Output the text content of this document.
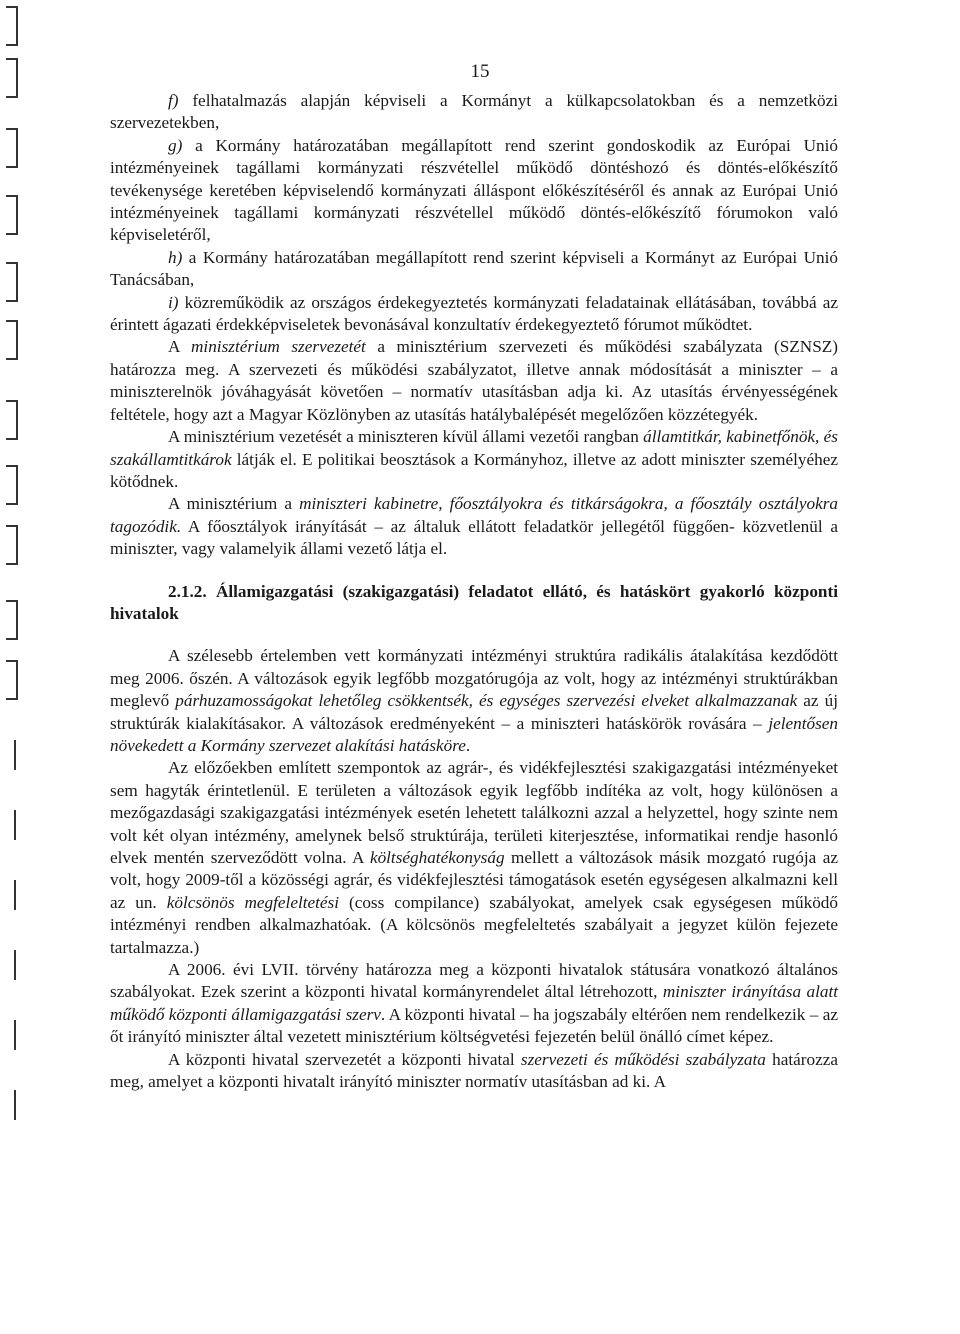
15

f) felhatalmazás alapján képviseli a Kormányt a külkapcsolatokban és a nemzetközi szervezetekben,

g) a Kormány határozatában megállapított rend szerint gondoskodik az Európai Unió intézményeinek tagállami kormányzati részvétellel működő döntéshozó és döntés-előkészítő tevékenysége keretében képviselendő kormányzati álláspont előkészítéséről és annak az Európai Unió intézményeinek tagállami kormányzati részvétellel működő döntés-előkészítő fórumokon való képviseletéről,

h) a Kormány határozatában megállapított rend szerint képviseli a Kormányt az Európai Unió Tanácsában,

i) közreműködik az országos érdekegyeztetés kormányzati feladatainak ellátásában, továbbá az érintett ágazati érdekképviseletek bevonásával konzultatív érdekegyeztető fórumot működtet.

A minisztérium szervezetét a minisztérium szervezeti és működési szabályzata (SZNSZ) határozza meg. A szervezeti és működési szabályzatot, illetve annak módosítását a miniszter – a miniszterelnök jóváhagyását követően – normatív utasításban adja ki. Az utasítás érvényességének feltétele, hogy azt a Magyar Közlönyben az utasítás hatálybalépését megelőzően közzétegyék.

A minisztérium vezetését a miniszteren kívül állami vezetői rangban államtitkár, kabinetfőnök, és szakállamtitkárok látják el. E politikai beosztások a Kormányhoz, illetve az adott miniszter személyéhez kötődnek.

A minisztérium a miniszteri kabinetre, főosztályokra és titkárságokra, a főosztály osztályokra tagozódik. A főosztályok irányítását – az általuk ellátott feladatkör jellegétől függően- közvetlenül a miniszter, vagy valamelyik állami vezető látja el.

2.1.2. Államigazgatási (szakigazgatási) feladatot ellátó, és hatáskört gyakorló központi hivatalok

A szélesebb értelemben vett kormányzati intézményi struktúra radikális átalakítása kezdődött meg 2006. őszén. A változások egyik legfőbb mozgatórugója az volt, hogy az intézményi struktúrákban meglevő párhuzamosságokat lehetőleg csökkentsék, és egységes szervezési elveket alkalmazzanak az új struktúrák kialakításakor. A változások eredményeként – a miniszteri hatáskörök rovására – jelentősen növekedett a Kormány szervezet alakítási hatásköre.

Az előzőekben említett szempontok az agrár-, és vidékfejlesztési szakigazgatási intézményeket sem hagyták érintetlenül. E területen a változások egyik legfőbb indítéka az volt, hogy különösen a mezőgazdasági szakigazgatási intézmények esetén lehetett találkozni azzal a helyzettel, hogy szinte nem volt két olyan intézmény, amelynek belső struktúrája, területi kiterjesztése, informatikai rendje hasonló elvek mentén szerveződött volna. A költséghatékonyság mellett a változások másik mozgató rugója az volt, hogy 2009-től a közösségi agrár, és vidékfejlesztési támogatások esetén egységesen alkalmazni kell az un. kölcsönös megfeleltetési (coss compilance) szabályokat, amelyek csak egységesen működő intézményi rendben alkalmazhatóak. (A kölcsönös megfeleltetés szabályait a jegyzet külön fejezete tartalmazza.)

A 2006. évi LVII. törvény határozza meg a központi hivatalok státusára vonatkozó általános szabályokat. Ezek szerint a központi hivatal kormányrendelet által létrehozott, miniszter irányítása alatt működő központi államigazgatási szerv. A központi hivatal – ha jogszabály eltérően nem rendelkezik – az őt irányító miniszter által vezetett minisztérium költségvetési fejezetén belül önálló címet képez.

A központi hivatal szervezetét a központi hivatal szervezeti és működési szabályzata határozza meg, amelyet a központi hivatalt irányító miniszter normatív utasításban ad ki. A
